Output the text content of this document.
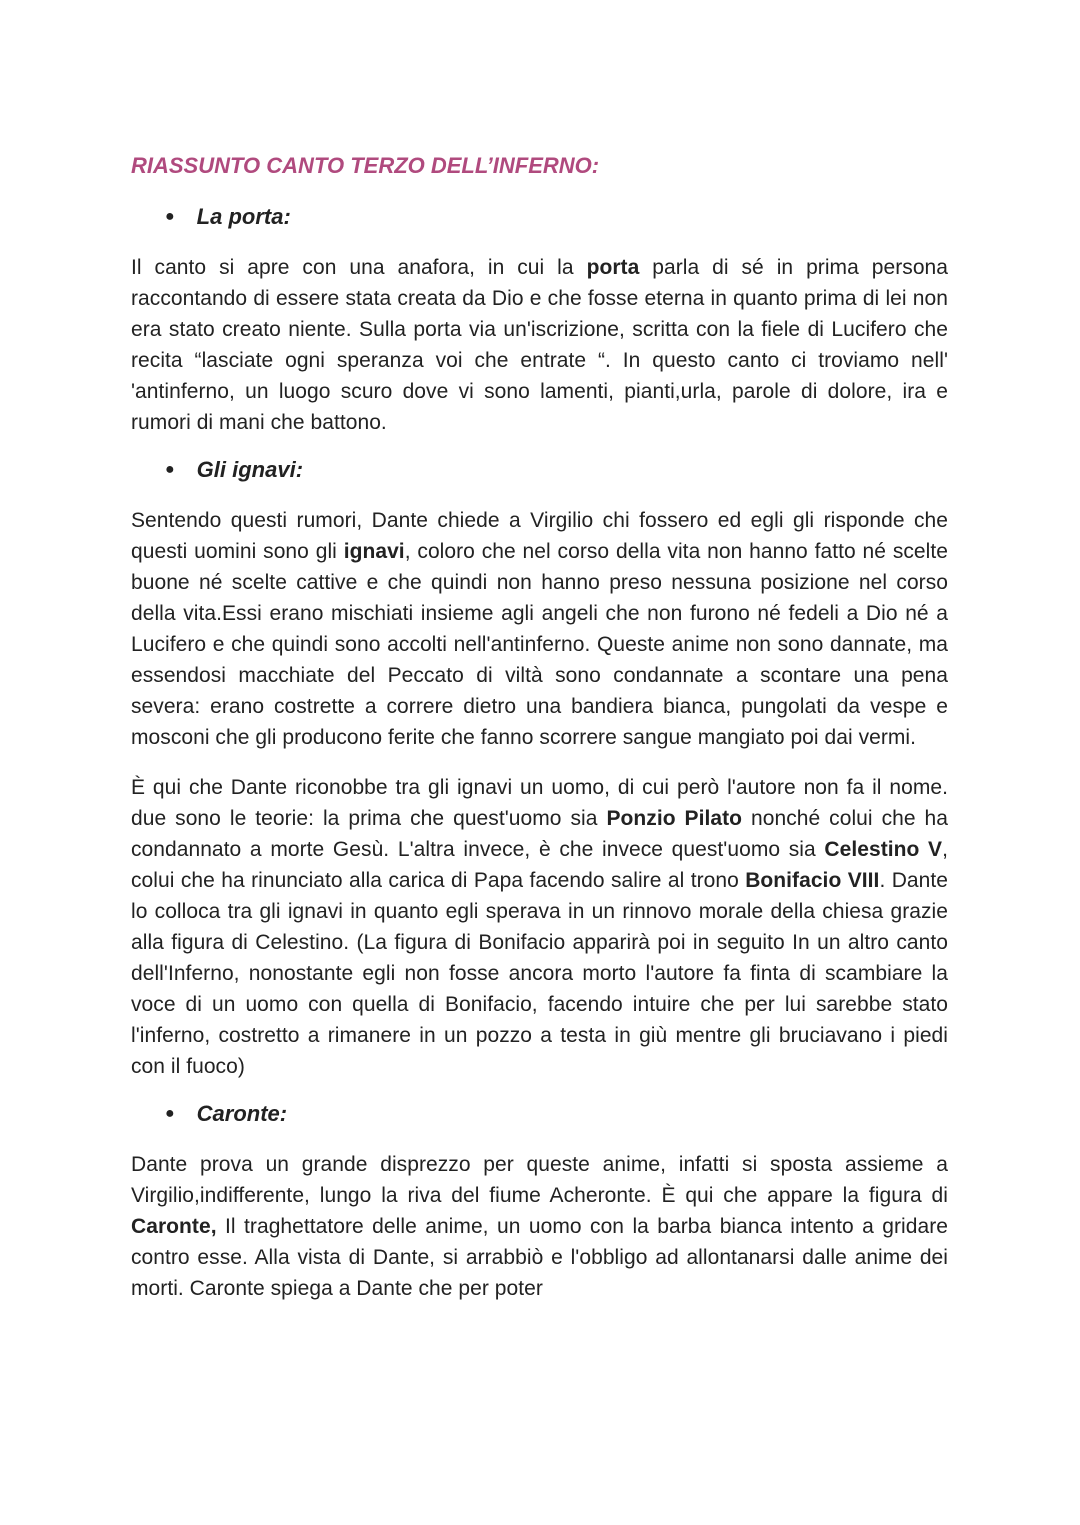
RIASSUNTO CANTO TERZO DELL’INFERNO:
● La porta:

Il canto si apre con una anafora, in cui la porta parla di sé in prima persona raccontando di essere stata creata da Dio e che fosse eterna in quanto prima di lei non era stato creato niente. Sulla porta via un'iscrizione, scritta con la fiele di Lucifero che recita “lasciate ogni speranza voi che entrate “. In questo canto ci troviamo nell' 'antinferno, un luogo scuro dove vi sono lamenti, pianti,urla, parole di dolore, ira e rumori di mani che battono.

● Gli ignavi:

Sentendo questi rumori, Dante chiede a Virgilio chi fossero ed egli gli risponde che questi uomini sono gli ignavi, coloro che nel corso della vita non hanno fatto né scelte buone né scelte cattive e che quindi non hanno preso nessuna posizione nel corso della vita.Essi erano mischiati insieme agli angeli che non furono né fedeli a Dio né a Lucifero e che quindi sono accolti nell'antinferno. Queste anime non sono dannate, ma essendosi macchiate del Peccato di viltà sono condannate a scontare una pena severa: erano costrette a correre dietro una bandiera bianca, pungolati da vespe e mosconi che gli producono ferite che fanno scorrere sangue mangiato poi dai vermi.

È qui che Dante riconobbe tra gli ignavi un uomo, di cui però l'autore non fa il nome. due sono le teorie: la prima che quest'uomo sia Ponzio Pilato nonché colui che ha condannato a morte Gesù. L'altra invece, è che invece quest'uomo sia Celestino V, colui che ha rinunciato alla carica di Papa facendo salire al trono Bonifacio VIII. Dante lo colloca tra gli ignavi in quanto egli sperava in un rinnovo morale della chiesa grazie alla figura di Celestino. (La figura di Bonifacio apparirà poi in seguito In un altro canto dell'Inferno, nonostante egli non fosse ancora morto l'autore fa finta di scambiare la voce di un uomo con quella di Bonifacio, facendo intuire che per lui sarebbe stato l'inferno, costretto a rimanere in un pozzo a testa in giù mentre gli bruciavano i piedi con il fuoco)

● Caronte:

Dante prova un grande disprezzo per queste anime, infatti si sposta assieme a Virgilio,indifferente, lungo la riva del fiume Acheronte. È qui che appare la figura di Caronte, Il traghettatore delle anime, un uomo con la barba bianca intento a gridare contro esse. Alla vista di Dante, si arrabbiò e l'obbligo ad allontanarsi dalle anime dei morti. Caronte spiega a Dante che per poter
